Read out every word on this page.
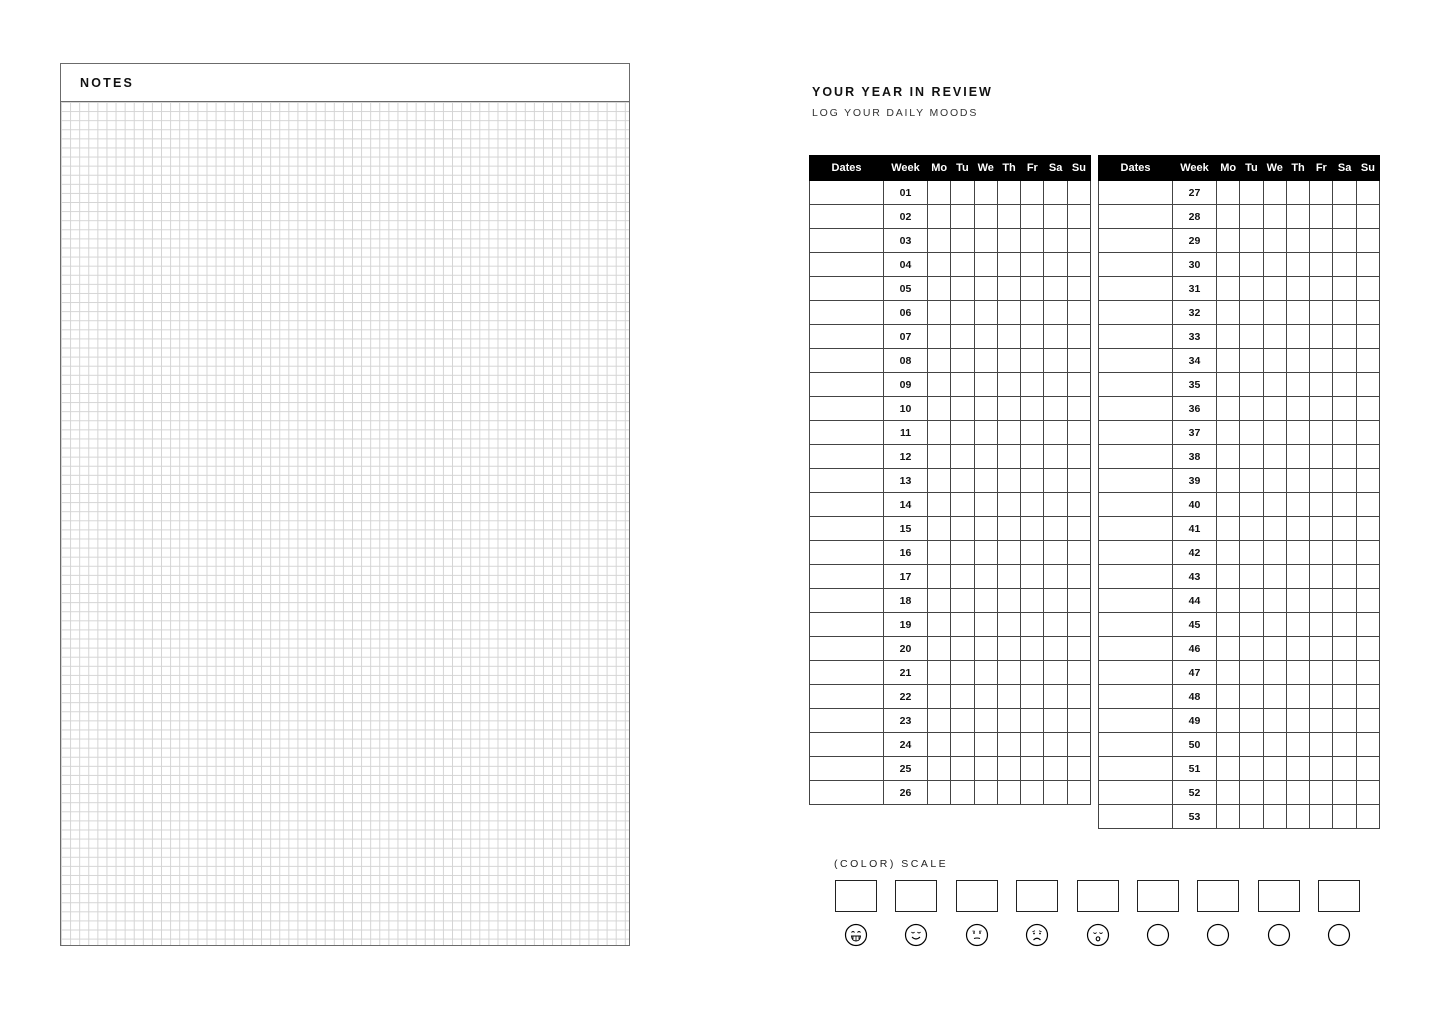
NOTES
YOUR YEAR IN REVIEW
LOG YOUR DAILY MOODS
Dates	Week	Mo	Tu	We	Th	Fr	Sa	Su
	01							
	02							
	03							
	04							
	05							
	06							
	07							
	08							
	09							
	10							
	11							
	12							
	13							
	14							
	15							
	16							
	17							
	18							
	19							
	20							
	21							
	22							
	23							
	24							
	25							
	26							
Dates	Week	Mo	Tu	We	Th	Fr	Sa	Su
	27							
	28							
	29							
	30							
	31							
	32							
	33							
	34							
	35							
	36							
	37							
	38							
	39							
	40							
	41							
	42							
	43							
	44							
	45							
	46							
	47							
	48							
	49							
	50							
	51							
	52							
	53							
(COLOR) SCALE
